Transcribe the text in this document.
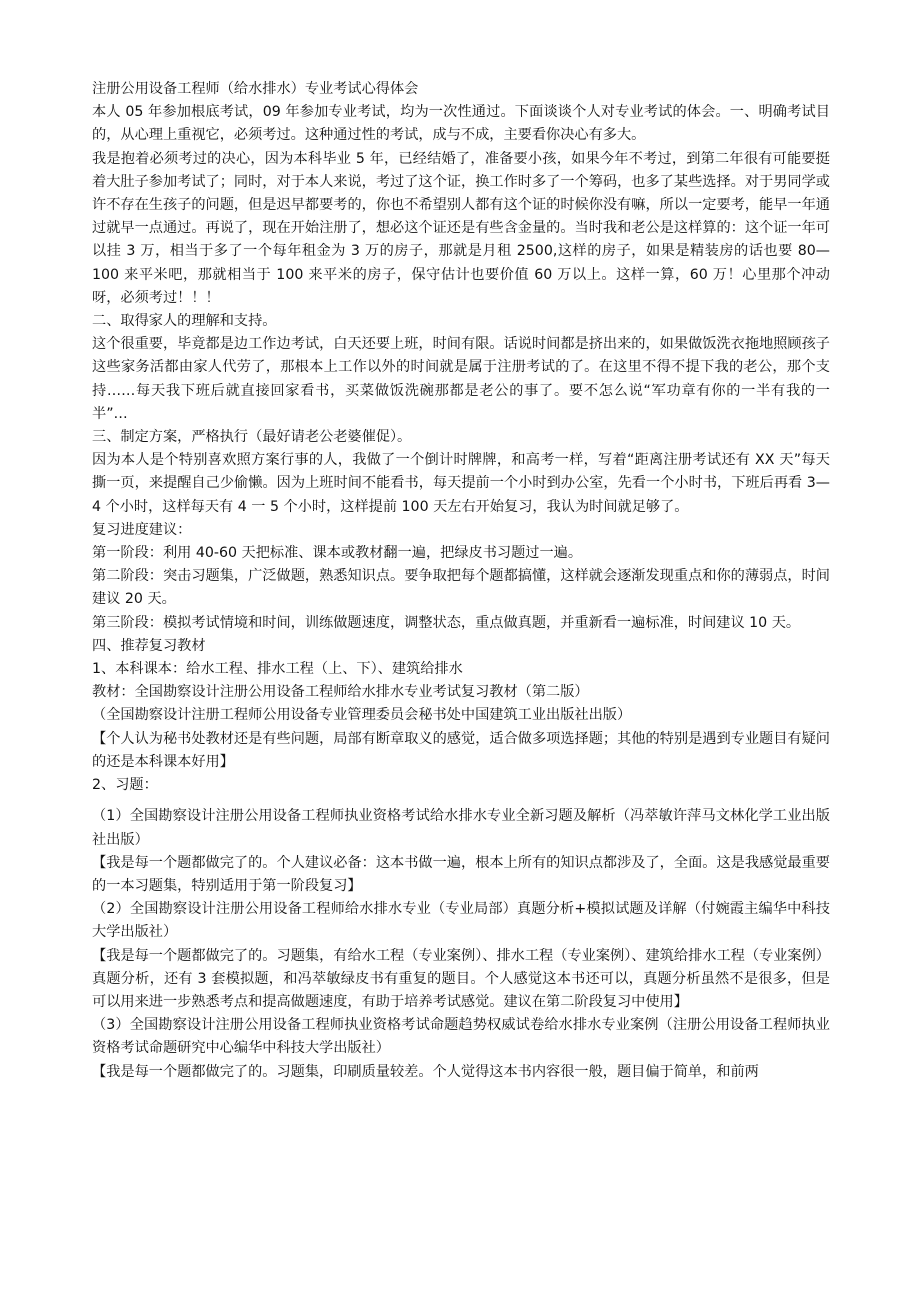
注册公用设备工程师（给水排水）专业考试心得体会

本人 05 年参加根底考试，09 年参加专业考试，均为一次性通过。下面谈谈个人对专业考试的体会。一、明确考试目的，从心理上重视它，必须考过。这种通过性的考试，成与不成，主要看你决心有多大。

我是抱着必须考过的决心，因为本科毕业 5 年，已经结婚了，准备要小孩，如果今年不考过，到第二年很有可能要挺着大肚子参加考试了；同时，对于本人来说，考过了这个证，换工作时多了一个筹码，也多了某些选择。对于男同学或许不存在生孩子的问题，但是迟早都要考的，你也不希望别人都有这个证的时候你没有嘛，所以一定要考，能早一年通过就早一点通过。再说了，现在开始注册了，想必这个证还是有些含金量的。当时我和老公是这样算的：这个证一年可以挂 3 万，相当于多了一个每年租金为 3 万的房子，那就是月租 2500,这样的房子，如果是精装房的话也要 80—100 来平米吧，那就相当于 100 来平米的房子，保守估计也要价值 60 万以上。这样一算，60 万！心里那个冲动呀，必须考过！！！

二、取得家人的理解和支持。

这个很重要，毕竟都是边工作边考试，白天还要上班，时间有限。话说时间都是挤出来的，如果做饭洗衣拖地照顾孩子这些家务活都由家人代劳了，那根本上工作以外的时间就是属于注册考试的了。在这里不得不提下我的老公，那个支持……每天我下班后就直接回家看书，买菜做饭洗碗那都是老公的事了。要不怎么说“军功章有你的一半有我的一半”…

三、制定方案，严格执行（最好请老公老婆催促）。

因为本人是个特别喜欢照方案行事的人，我做了一个倒计时牌牌，和高考一样，写着“距离注册考试还有 XX 天”每天撕一页，来提醒自己少偷懒。因为上班时间不能看书，每天提前一个小时到办公室，先看一个小时书，下班后再看 3—4 个小时，这样每天有 4 一 5 个小时，这样提前 100 天左右开始复习，我认为时间就足够了。

复习进度建议：

第一阶段：利用 40-60 天把标准、课本或教材翻一遍，把绿皮书习题过一遍。

第二阶段：突击习题集，广泛做题，熟悉知识点。要争取把每个题都搞懂，这样就会逐渐发现重点和你的薄弱点，时间建议 20 天。

第三阶段：模拟考试情境和时间，训练做题速度，调整状态，重点做真题，并重新看一遍标准，时间建议 10 天。

四、推荐复习教材

1、本科课本：给水工程、排水工程（上、下）、建筑给排水

教材：全国勘察设计注册公用设备工程师给水排水专业考试复习教材（第二版）

（全国勘察设计注册工程师公用设备专业管理委员会秘书处中国建筑工业出版社出版）

【个人认为秘书处教材还是有些问题，局部有断章取义的感觉，适合做多项选择题；其他的特别是遇到专业题目有疑问的还是本科课本好用】

2、习题：

（1）全国勘察设计注册公用设备工程师执业资格考试给水排水专业全新习题及解析（冯萃敏许萍马文林化学工业出版社出版）

【我是每一个题都做完了的。个人建议必备：这本书做一遍，根本上所有的知识点都涉及了，全面。这是我感觉最重要的一本习题集，特别适用于第一阶段复习】

（2）全国勘察设计注册公用设备工程师给水排水专业（专业局部）真题分析+模拟试题及详解（付婉霞主编华中科技大学出版社）

【我是每一个题都做完了的。习题集，有给水工程（专业案例）、排水工程（专业案例）、建筑给排水工程（专业案例）真题分析，还有 3 套模拟题，和冯萃敏绿皮书有重复的题目。个人感觉这本书还可以，真题分析虽然不是很多，但是可以用来进一步熟悉考点和提高做题速度，有助于培养考试感觉。建议在第二阶段复习中使用】

（3）全国勘察设计注册公用设备工程师执业资格考试命题趋势权威试卷给水排水专业案例（注册公用设备工程师执业资格考试命题研究中心编华中科技大学出版社）

【我是每一个题都做完了的。习题集，印刷质量较差。个人觉得这本书内容很一般，题目偏于简单，和前两
